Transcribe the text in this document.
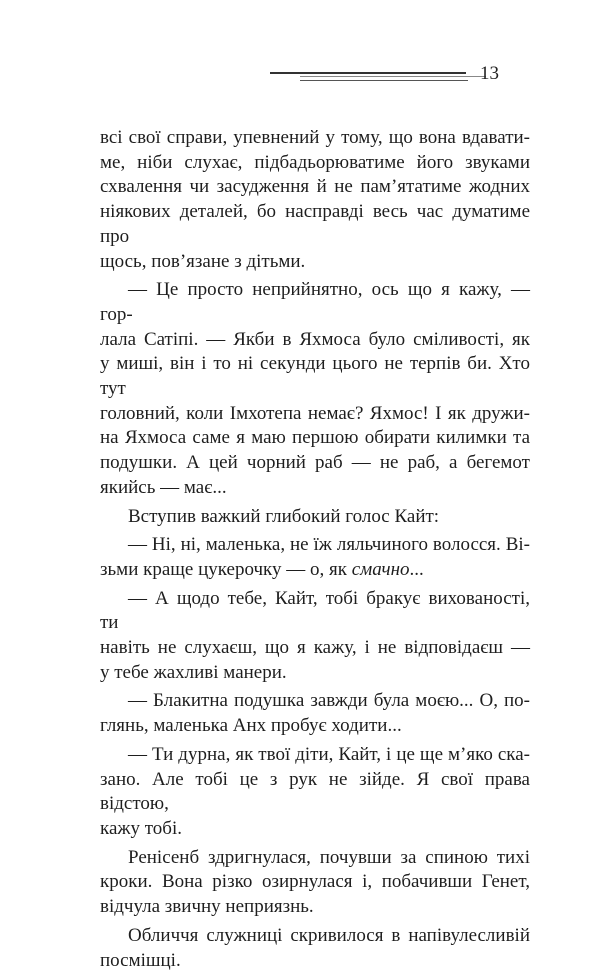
13
всі свої справи, упевнений у тому, що вона вдавати-
ме, ніби слухає, підбадьорюватиме його звуками
схвалення чи засудження й не пам’ятатиме жодних
ніякових деталей, бо насправді весь час думатиме про
щось, пов’язане з дітьми.
— Це просто неприйнятно, ось що я кажу, — гор-
лала Сатіпі. — Якби в Яхмоса було сміливості, як
у миші, він і то ні секунди цього не терпів би. Хто тут
головний, коли Імхотепа немає? Яхмос! І як дружи-
на Яхмоса саме я маю першою обирати килимки та
подушки. А цей чорний раб — не раб, а бегемот
якийсь — має...
Вступив важкий глибокий голос Кайт:
— Ні, ні, маленька, не їж ляльчиного волосся. Ві-
зьми краще цукерочку — о, як смачно...
— А щодо тебе, Кайт, тобі бракує вихованості, ти
навіть не слухаєш, що я кажу, і не відповідаєш —
у тебе жахливі манери.
— Блакитна подушка завжди була моєю... О, по-
глянь, маленька Анх пробує ходити...
— Ти дурна, як твої діти, Кайт, і це ще м’яко ска-
зано. Але тобі це з рук не зійде. Я свої права відстою,
кажу тобі.
Ренісенб здригнулася, почувши за спиною тихі
кроки. Вона різко озирнулася і, побачивши Генет,
відчула звичну неприязнь.
Обличчя служниці скривилося в напівулесливій
посмішці.
